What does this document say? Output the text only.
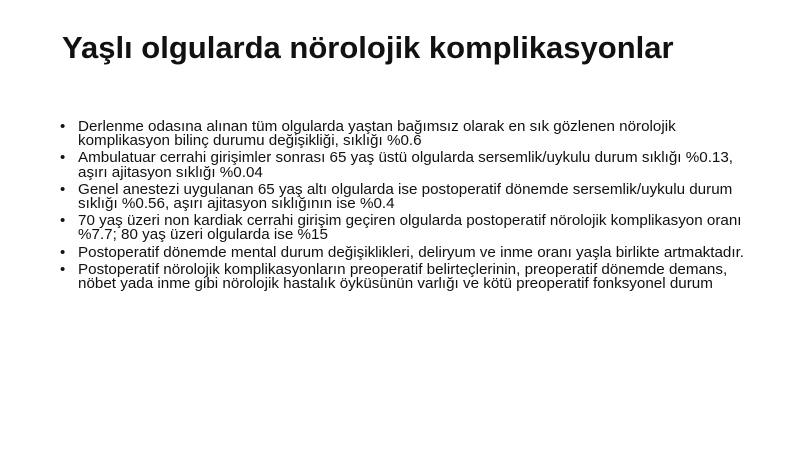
Yaşlı olgularda nörolojik komplikasyonlar
• Derlenme odasına alınan tüm olgularda yaştan bağımsız olarak en sık gözlenen nörolojik komplikasyon bilinç durumu değişikliği, sıklığı %0.6
• Ambulatuar cerrahi girişimler sonrası 65 yaş üstü olgularda sersemlik/uykulu durum sıklığı %0.13, aşırı ajitasyon sıklığı %0.04
• Genel anestezi uygulanan 65 yaş altı olgularda ise postoperatif dönemde sersemlik/uykulu durum sıklığı %0.56, aşırı ajitasyon sıklığının ise %0.4
• 70 yaş üzeri non kardiak cerrahi girişim geçiren olgularda postoperatif nörolojik komplikasyon oranı %7.7; 80 yaş üzeri olgularda ise %15
• Postoperatif dönemde mental durum değişiklikleri, deliryum ve inme oranı yaşla birlikte artmaktadır.
• Postoperatif nörolojik komplikasyonların preoperatif belirteçlerinin, preoperatif dönemde demans, nöbet yada inme gibi nörolojik hastalık öyküsünün varlığı ve kötü preoperatif fonksyonel durum
